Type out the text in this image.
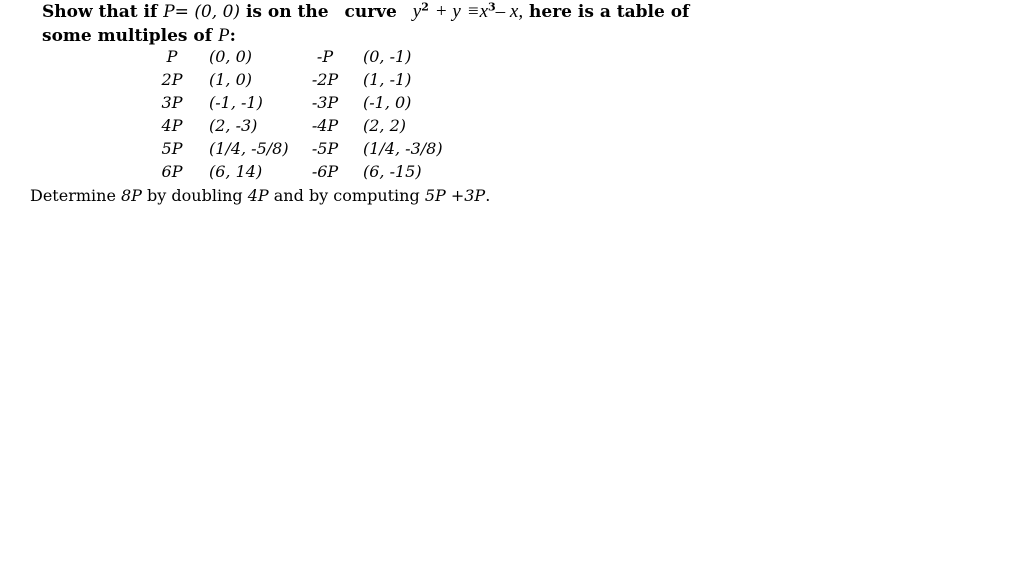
Show that if P= (0, 0) is on the curve $y^2 + y \equiv x^3-$ x, here is a table of
some multiples of P:
P	(0, 0)	-P	(0, -1)
2P	(1, 0)	-2P (1, -1)
3P	(-1, -1)	-3P (-1, 0)
4P	(2, -3)	-4P (2, 2)
5P	(1/4, -5/8) -5P (1/4, -3/8)
6P	(6, 14)	-6P (6, -15)
Determine 8P by doubling 4P and by computing 5P +3P.
